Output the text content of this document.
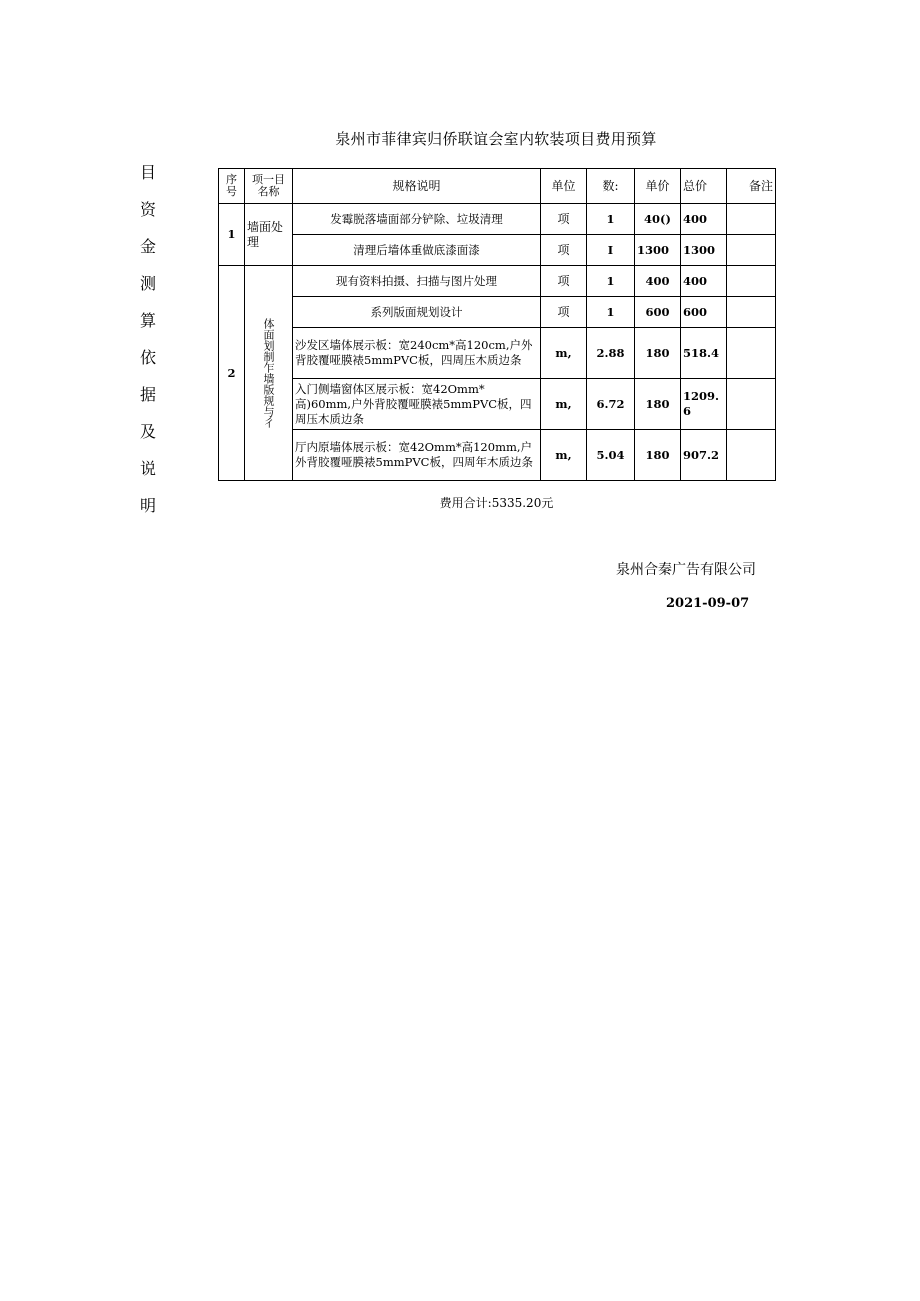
泉州市菲律宾归侨联谊会室内软装项目费用预算
目
资
金
测
算
依
据
及
说
明
序号	项一目名称	规格说明	单位	数:	单价	总价	备注
1	墙面处理	发霉脱落墙面部分铲除、垃圾清理	项	1	40()	400	
		清理后墙体重做底漆面漆	项	I	1300	1300	
2	体面划制乍墙版规与彳	现有资料拍摄、扫描与图片处理	项	1	400	400	
		系列版面规划设计	项	1	600	600	
		沙发区墙体展示板：宽240cm*高120cm,户外背胶覆哑膜裱5mmPVC板，四周压木质边条	m,	2.88	180	518.4	
		入门侧墙窗体区展示板：宽42Omm*高)60mm,户外背胶覆哑膜裱5mmPVC板，四周压木质边条	m,	6.72	180	1209.6	
		厅内原墙体展示板：宽42Omm*高120mm,户外背胶覆哑膜裱5mmPVC板，四周年木质边条	m,	5.04	180	907.2	
费用合计:5335.20元
泉州合秦广告有限公司
2021-09-07
